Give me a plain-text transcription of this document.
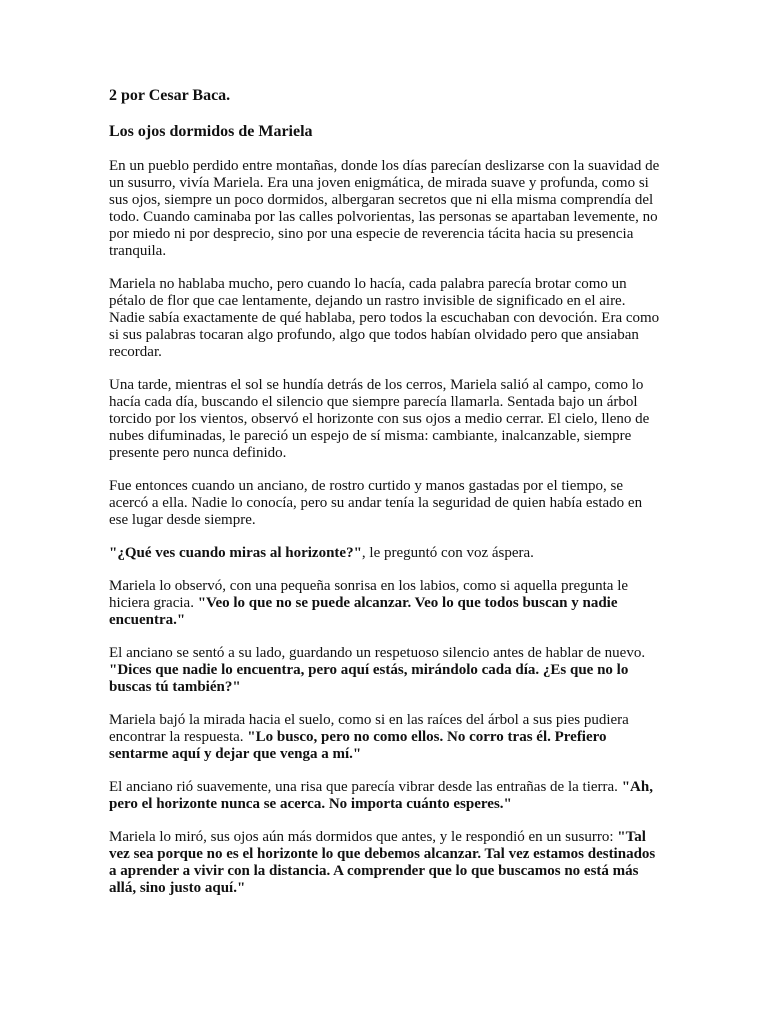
2 por Cesar Baca.
Los ojos dormidos de Mariela

En un pueblo perdido entre montañas, donde los días parecían deslizarse con la suavidad de un susurro, vivía Mariela. Era una joven enigmática, de mirada suave y profunda, como si sus ojos, siempre un poco dormidos, albergaran secretos que ni ella misma comprendía del todo. Cuando caminaba por las calles polvorientas, las personas se apartaban levemente, no por miedo ni por desprecio, sino por una especie de reverencia tácita hacia su presencia tranquila.

Mariela no hablaba mucho, pero cuando lo hacía, cada palabra parecía brotar como un pétalo de flor que cae lentamente, dejando un rastro invisible de significado en el aire. Nadie sabía exactamente de qué hablaba, pero todos la escuchaban con devoción. Era como si sus palabras tocaran algo profundo, algo que todos habían olvidado pero que ansiaban recordar.

Una tarde, mientras el sol se hundía detrás de los cerros, Mariela salió al campo, como lo hacía cada día, buscando el silencio que siempre parecía llamarla. Sentada bajo un árbol torcido por los vientos, observó el horizonte con sus ojos a medio cerrar. El cielo, lleno de nubes difuminadas, le pareció un espejo de sí misma: cambiante, inalcanzable, siempre presente pero nunca definido.

Fue entonces cuando un anciano, de rostro curtido y manos gastadas por el tiempo, se acercó a ella. Nadie lo conocía, pero su andar tenía la seguridad de quien había estado en ese lugar desde siempre.

"¿Qué ves cuando miras al horizonte?", le preguntó con voz áspera.

Mariela lo observó, con una pequeña sonrisa en los labios, como si aquella pregunta le hiciera gracia. "Veo lo que no se puede alcanzar. Veo lo que todos buscan y nadie encuentra."

El anciano se sentó a su lado, guardando un respetuoso silencio antes de hablar de nuevo. "Dices que nadie lo encuentra, pero aquí estás, mirándolo cada día. ¿Es que no lo buscas tú también?"

Mariela bajó la mirada hacia el suelo, como si en las raíces del árbol a sus pies pudiera encontrar la respuesta. "Lo busco, pero no como ellos. No corro tras él. Prefiero sentarme aquí y dejar que venga a mí."

El anciano rió suavemente, una risa que parecía vibrar desde las entrañas de la tierra. "Ah, pero el horizonte nunca se acerca. No importa cuánto esperes."

Mariela lo miró, sus ojos aún más dormidos que antes, y le respondió en un susurro: "Tal vez sea porque no es el horizonte lo que debemos alcanzar. Tal vez estamos destinados a aprender a vivir con la distancia. A comprender que lo que buscamos no está más allá, sino justo aquí."
